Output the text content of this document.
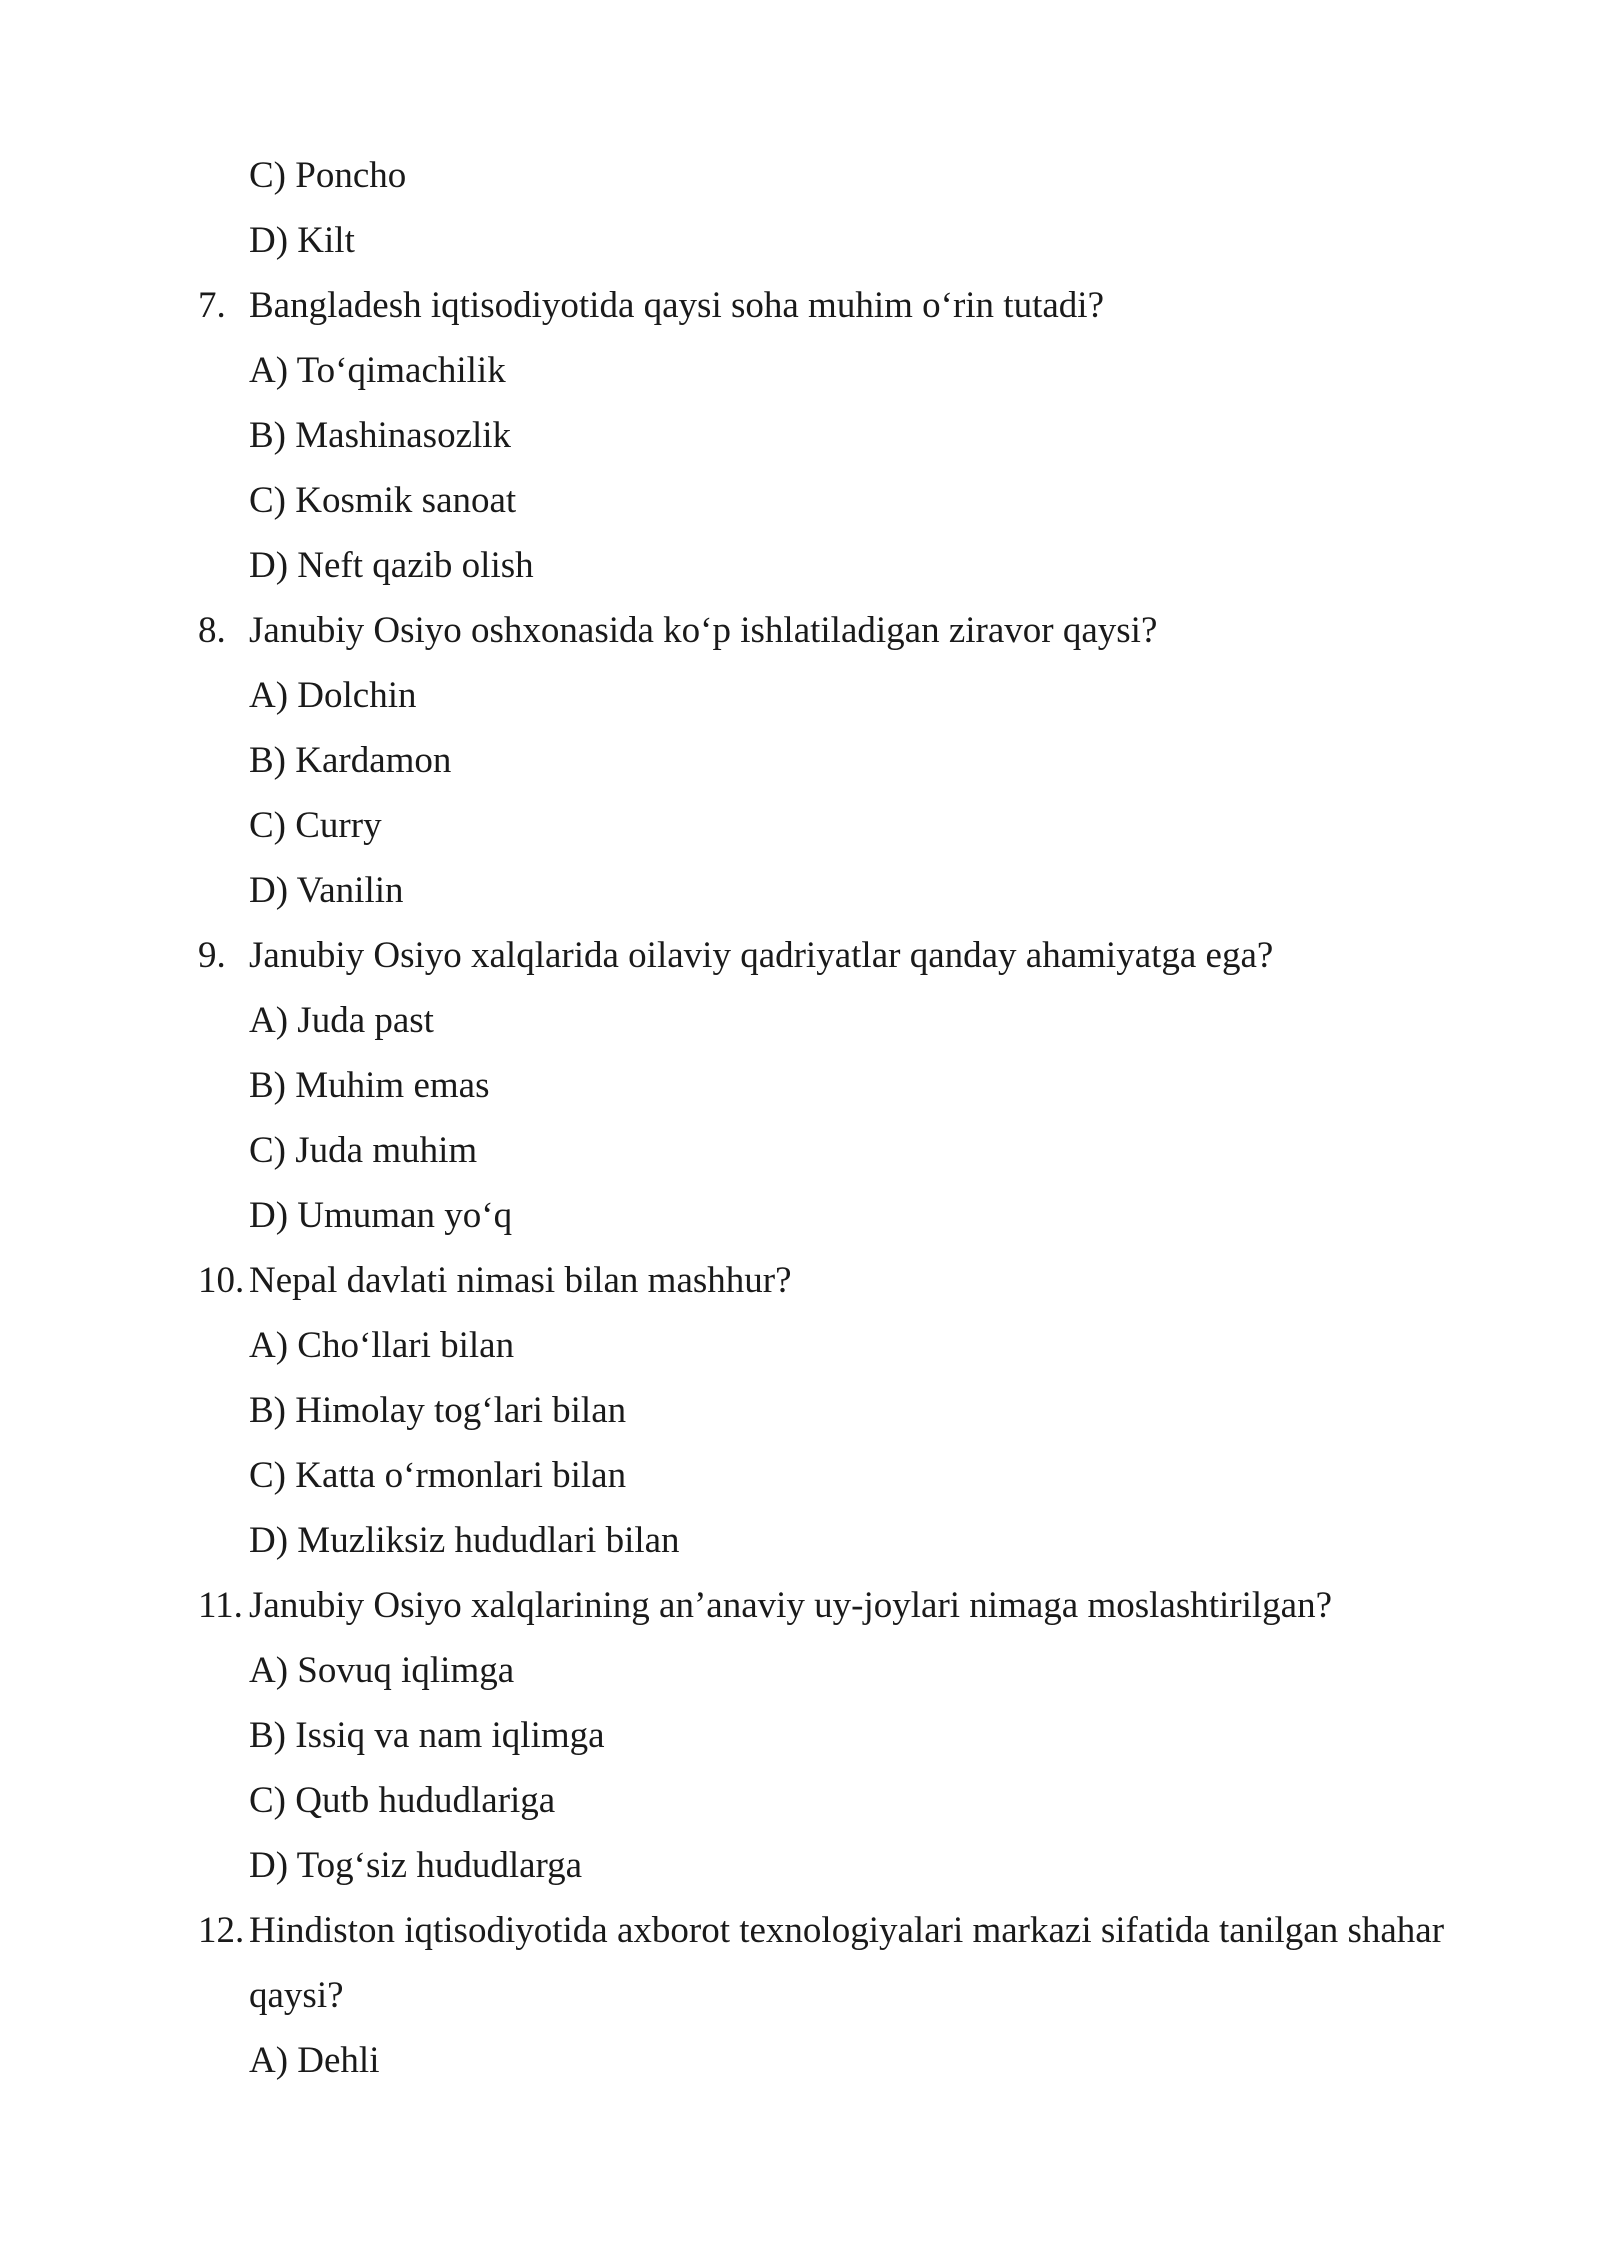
C) Poncho
D) Kilt
7. Bangladesh iqtisodiyotida qaysi soha muhim o‘rin tutadi?
A) To‘qimachilik
B) Mashinasozlik
C) Kosmik sanoat
D) Neft qazib olish
8. Janubiy Osiyo oshxonasida ko‘p ishlatiladigan ziravor qaysi?
A) Dolchin
B) Kardamon
C) Curry
D) Vanilin
9. Janubiy Osiyo xalqlarida oilaviy qadriyatlar qanday ahamiyatga ega?
A) Juda past
B) Muhim emas
C) Juda muhim
D) Umuman yo‘q
10. Nepal davlati nimasi bilan mashhur?
A) Cho‘llari bilan
B) Himolay tog‘lari bilan
C) Katta o‘rmonlari bilan
D) Muzliksiz hududlari bilan
11. Janubiy Osiyo xalqlarining an’anaviy uy-joylari nimaga moslashtirilgan?
A) Sovuq iqlimga
B) Issiq va nam iqlimga
C) Qutb hududlariga
D) Tog‘siz hududlarga
12. Hindiston iqtisodiyotida axborot texnologiyalari markazi sifatida tanilgan shahar
qaysi?
A) Dehli
